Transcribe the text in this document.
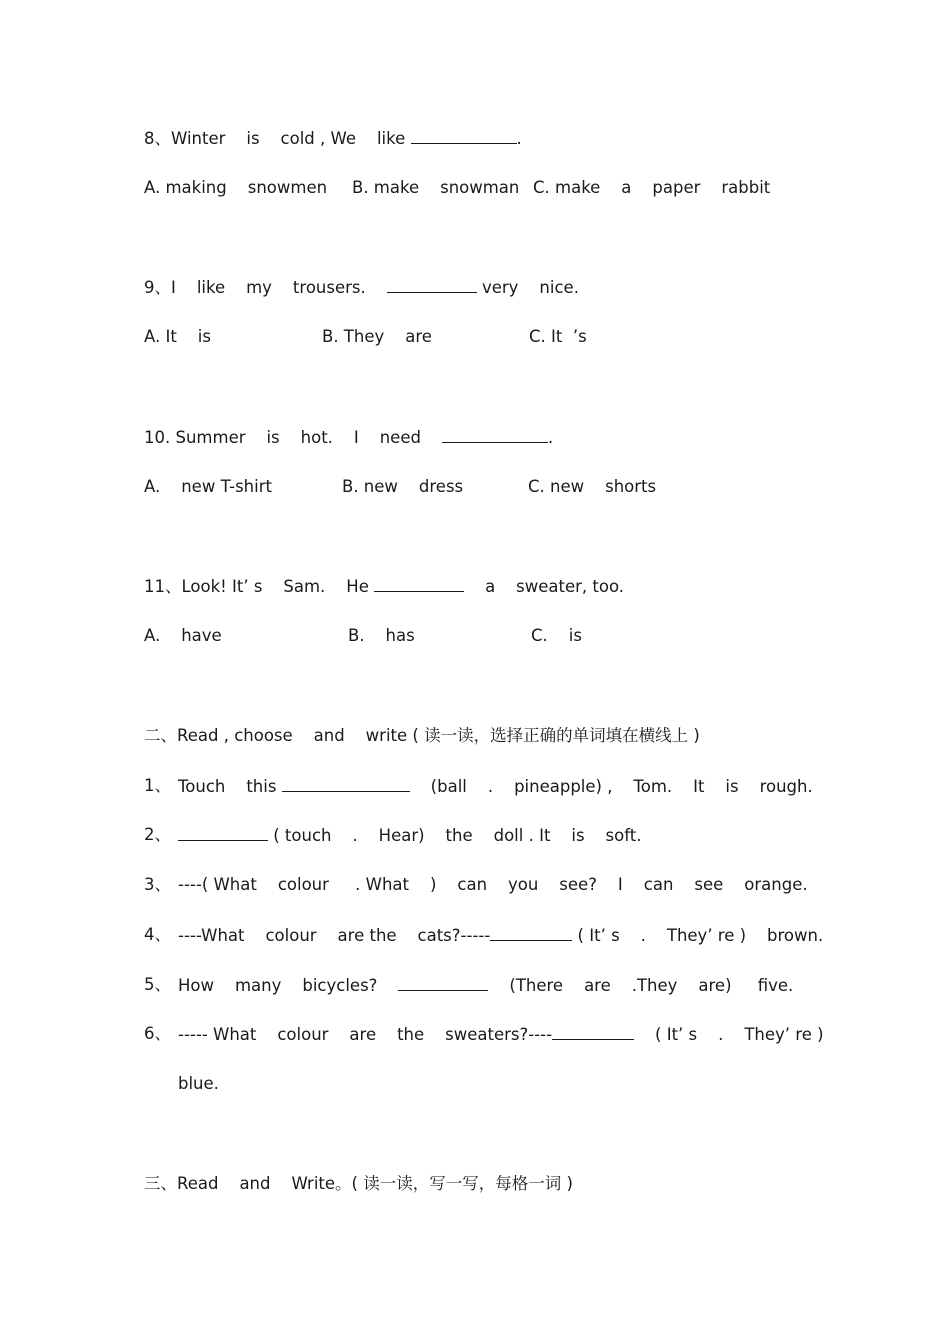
8、Winter    is    cold , We    like	.
A. making    snowmen B. make    snowman C. make    a    paper    rabbit
9、I    like    my    trousers.	very    nice.
A. It    is	B. They    are	C. It  ’s
10. Summer    is    hot.    I    need	.
A.    new T-shirt	B. new    dress	C. new    shorts
11、Look! It’ s    Sam.    He	a    sweater, too.
A.    have	B.    has	C.    is
二、Read , choose    and    write ( 读一读，选择正确的单词填在横线上 )
1、 Touch    this	(ball    .    pineapple) ,    Tom.    It    is    rough.
2、	( touch    .    Hear)    the    doll . It    is    soft.
3、 ----( What    colour     . What    )    can    you    see?    I    can    see    orange.
4、 ----What    colour    are the    cats?-----	( It’ s    .    They’ re )    brown.
5、 How    many    bicycles?	(There    are    .They    are)     five.
6、 ----- What    colour    are    the    sweaters?----	( It’ s    .    They’ re )
blue.
三、Read    and    Write。( 读一读，写一写，每格一词 )
